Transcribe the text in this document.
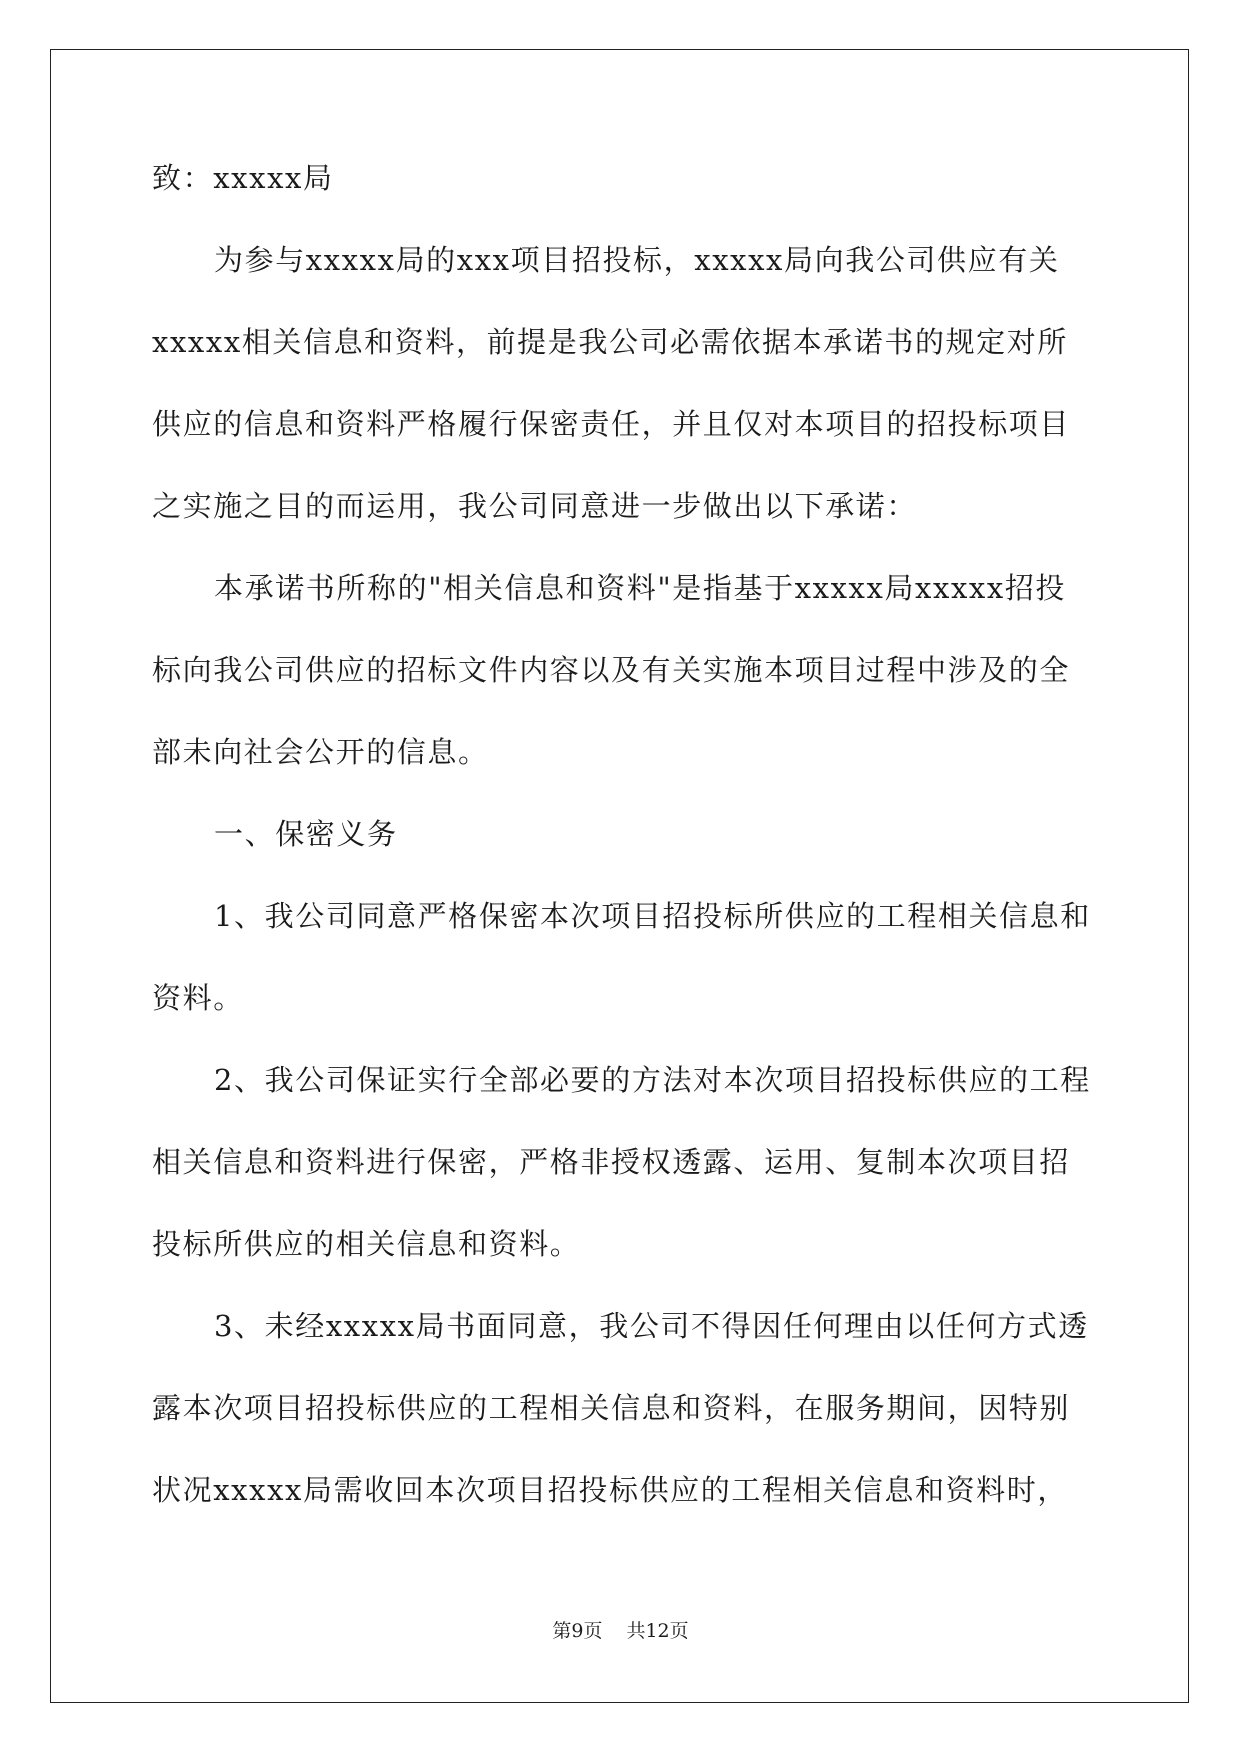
致：xxxxx局
为参与xxxxx局的xxx项目招投标，xxxxx局向我公司供应有关
xxxxx相关信息和资料，前提是我公司必需依据本承诺书的规定对所
供应的信息和资料严格履行保密责任，并且仅对本项目的招投标项目
之实施之目的而运用，我公司同意进一步做出以下承诺：
本承诺书所称的"相关信息和资料"是指基于xxxxx局xxxxx招投
标向我公司供应的招标文件内容以及有关实施本项目过程中涉及的全
部未向社会公开的信息。
一、保密义务
1、我公司同意严格保密本次项目招投标所供应的工程相关信息和
资料。
2、我公司保证实行全部必要的方法对本次项目招投标供应的工程
相关信息和资料进行保密，严格非授权透露、运用、复制本次项目招
投标所供应的相关信息和资料。
3、未经xxxxx局书面同意，我公司不得因任何理由以任何方式透
露本次项目招投标供应的工程相关信息和资料，在服务期间，因特别
状况xxxxx局需收回本次项目招投标供应的工程相关信息和资料时，
第9页 共12页
